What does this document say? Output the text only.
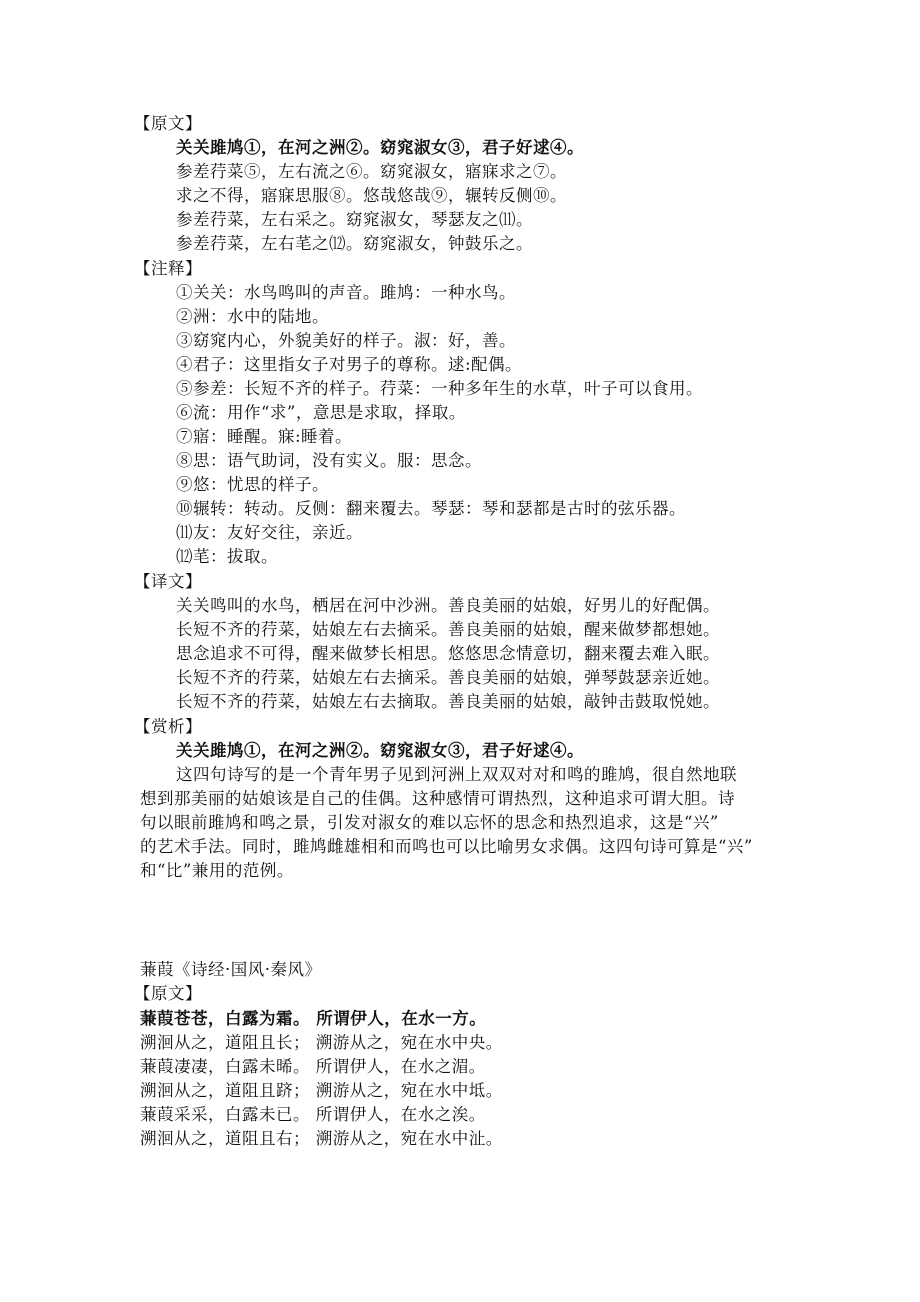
【原文】
关关雎鸠①，在河之洲②。窈窕淑女③，君子好逑④。
参差荇菜⑤，左右流之⑥。窈窕淑女，寤寐求之⑦。
求之不得，寤寐思服⑧。悠哉悠哉⑨，辗转反侧⑩。
参差荇菜，左右采之。窈窕淑女，琴瑟友之⑾。
参差荇菜，左右芼之⑿。窈窕淑女，钟鼓乐之。
【注释】
①关关：水鸟鸣叫的声音。雎鸠：一种水鸟。
②洲：水中的陆地。
③窈窕内心，外貌美好的样子。淑：好，善。
④君子：这里指女子对男子的尊称。逑:配偶。
⑤参差：长短不齐的样子。荇菜：一种多年生的水草，叶子可以食用。
⑥流：用作“求”，意思是求取，择取。
⑦寤：睡醒。寐:睡着。
⑧思：语气助词，没有实义。服：思念。
⑨悠：忧思的样子。
⑩辗转：转动。反侧：翻来覆去。琴瑟：琴和瑟都是古时的弦乐器。
⑾友：友好交往，亲近。
⑿芼：拔取。
【译文】
关关鸣叫的水鸟，栖居在河中沙洲。善良美丽的姑娘，好男儿的好配偶。
长短不齐的荇菜，姑娘左右去摘采。善良美丽的姑娘，醒来做梦都想她。
思念追求不可得，醒来做梦长相思。悠悠思念情意切，翻来覆去难入眠。
长短不齐的荇菜，姑娘左右去摘采。善良美丽的姑娘，弹琴鼓瑟亲近她。
长短不齐的荇菜，姑娘左右去摘取。善良美丽的姑娘，敲钟击鼓取悦她。
【赏析】
关关雎鸠①，在河之洲②。窈窕淑女③，君子好逑④。
这四句诗写的是一个青年男子见到河洲上双双对对和鸣的雎鸠，很自然地联
想到那美丽的姑娘该是自己的佳偶。这种感情可谓热烈，这种追求可谓大胆。诗
句以眼前雎鸠和鸣之景，引发对淑女的难以忘怀的思念和热烈追求，这是“兴”
的艺术手法。同时，雎鸠雌雄相和而鸣也可以比喻男女求偶。这四句诗可算是“兴”
和“比”兼用的范例。
蒹葭《诗经·国风·秦风》
【原文】
蒹葭苍苍，白露为霜。 所谓伊人，在水一方。
溯洄从之，道阻且长； 溯游从之，宛在水中央。
蒹葭凄凄，白露未晞。 所谓伊人，在水之湄。
溯洄从之，道阻且跻； 溯游从之，宛在水中坻。
蒹葭采采，白露未已。 所谓伊人，在水之涘。
溯洄从之，道阻且右； 溯游从之，宛在水中沚。
